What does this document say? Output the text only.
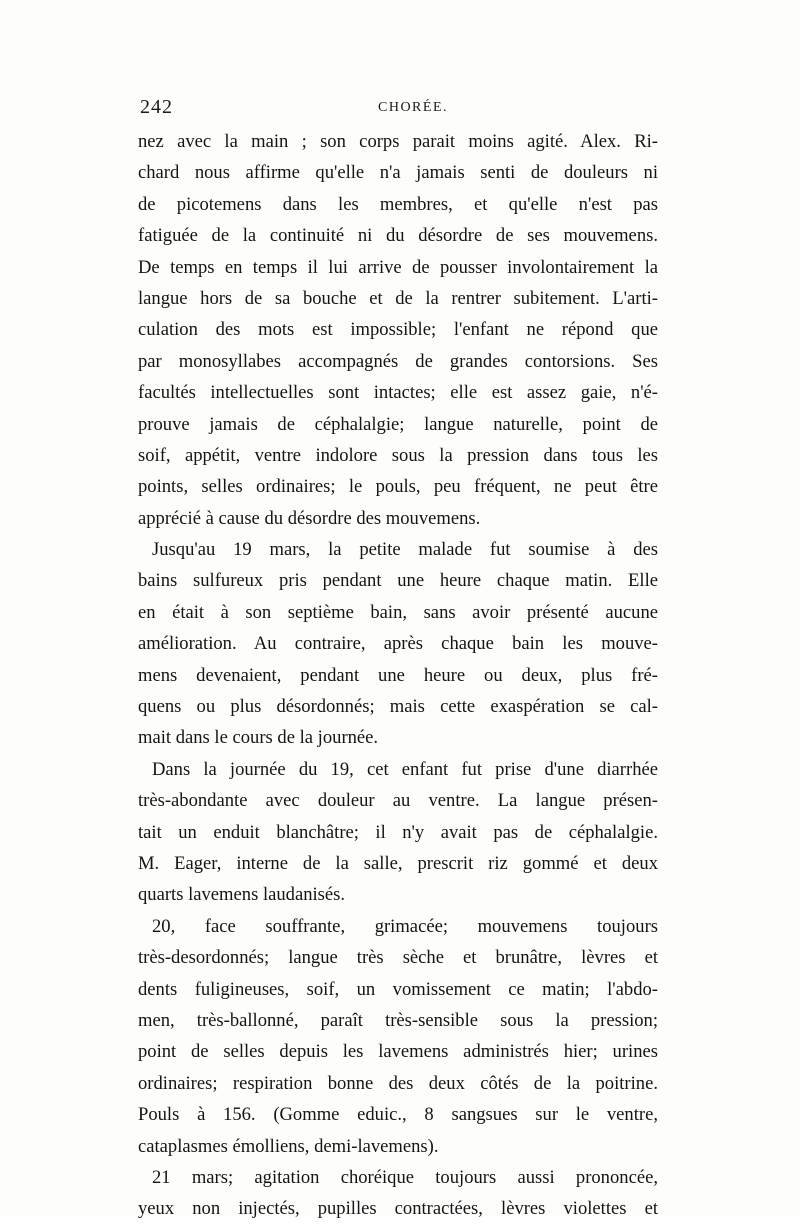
242	CHORÉE.
nez avec la main ; son corps parait moins agité. Alex. Ri-
chard nous affirme qu'elle n'a jamais senti de douleurs ni
de picotemens dans les membres, et qu'elle n'est pas
fatiguée de la continuité ni du désordre de ses mouvemens.
De temps en temps il lui arrive de pousser involontairement la
langue hors de sa bouche et de la rentrer subitement. L'arti-
culation des mots est impossible; l'enfant ne répond que
par monosyllabes accompagnés de grandes contorsions. Ses
facultés intellectuelles sont intactes; elle est assez gaie, n'é-
prouve jamais de céphalalgie; langue naturelle, point de
soif, appétit, ventre indolore sous la pression dans tous les
points, selles ordinaires; le pouls, peu fréquent, ne peut être
apprécié à cause du désordre des mouvemens.
Jusqu'au 19 mars, la petite malade fut soumise à des
bains sulfureux pris pendant une heure chaque matin. Elle
en était à son septième bain, sans avoir présenté aucune
amélioration. Au contraire, après chaque bain les mouve-
mens devenaient, pendant une heure ou deux, plus fré-
quens ou plus désordonnés; mais cette exaspération se cal-
mait dans le cours de la journée.
Dans la journée du 19, cet enfant fut prise d'une diarrhée
très-abondante avec douleur au ventre. La langue présen-
tait un enduit blanchâtre; il n'y avait pas de céphalalgie.
M. Eager, interne de la salle, prescrit riz gommé et deux
quarts lavemens laudanisés.
20, face souffrante, grimacée; mouvemens toujours
très-desordonnés; langue très sèche et brunâtre, lèvres et
dents fuligineuses, soif, un vomissement ce matin; l'abdo-
men, très-ballonné, paraît très-sensible sous la pression;
point de selles depuis les lavemens administrés hier; urines
ordinaires; respiration bonne des deux côtés de la poitrine.
Pouls à 156. (Gomme eduic., 8 sangsues sur le ventre,
cataplasmes émolliens, demi-lavemens).
21 mars; agitation choréique toujours aussi prononcée,
yeux non injectés, pupilles contractées, lèvres violettes et
